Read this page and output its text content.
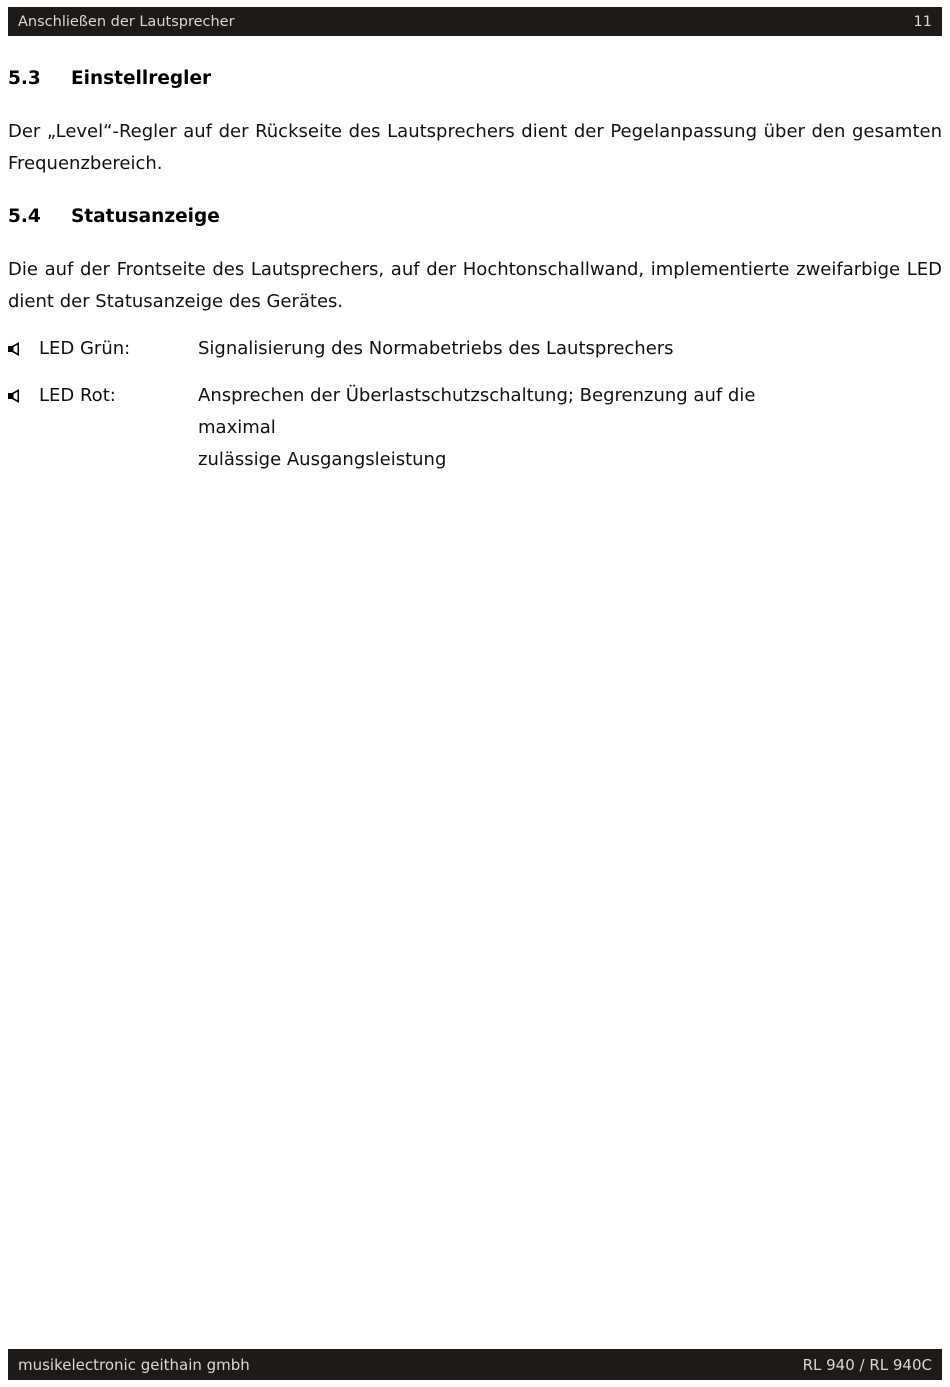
Anschließen der Lautsprecher	11
5.3	Einstellregler
Der „Level“-Regler auf der Rückseite des Lautsprechers dient der Pegelanpassung über den gesamten Frequenzbereich.
5.4	Statusanzeige
Die auf der Frontseite des Lautsprechers, auf der Hochtonschallwand, implementierte zweifarbige LED dient der Statusanzeige des Gerätes.
LED Grün:	Signalisierung des Normabetriebs des Lautsprechers
LED Rot:	Ansprechen der Überlastschutzschaltung; Begrenzung auf die maximal
zulässige Ausgangsleistung
musikelectronic geithain gmbh	RL 940 / RL 940C
